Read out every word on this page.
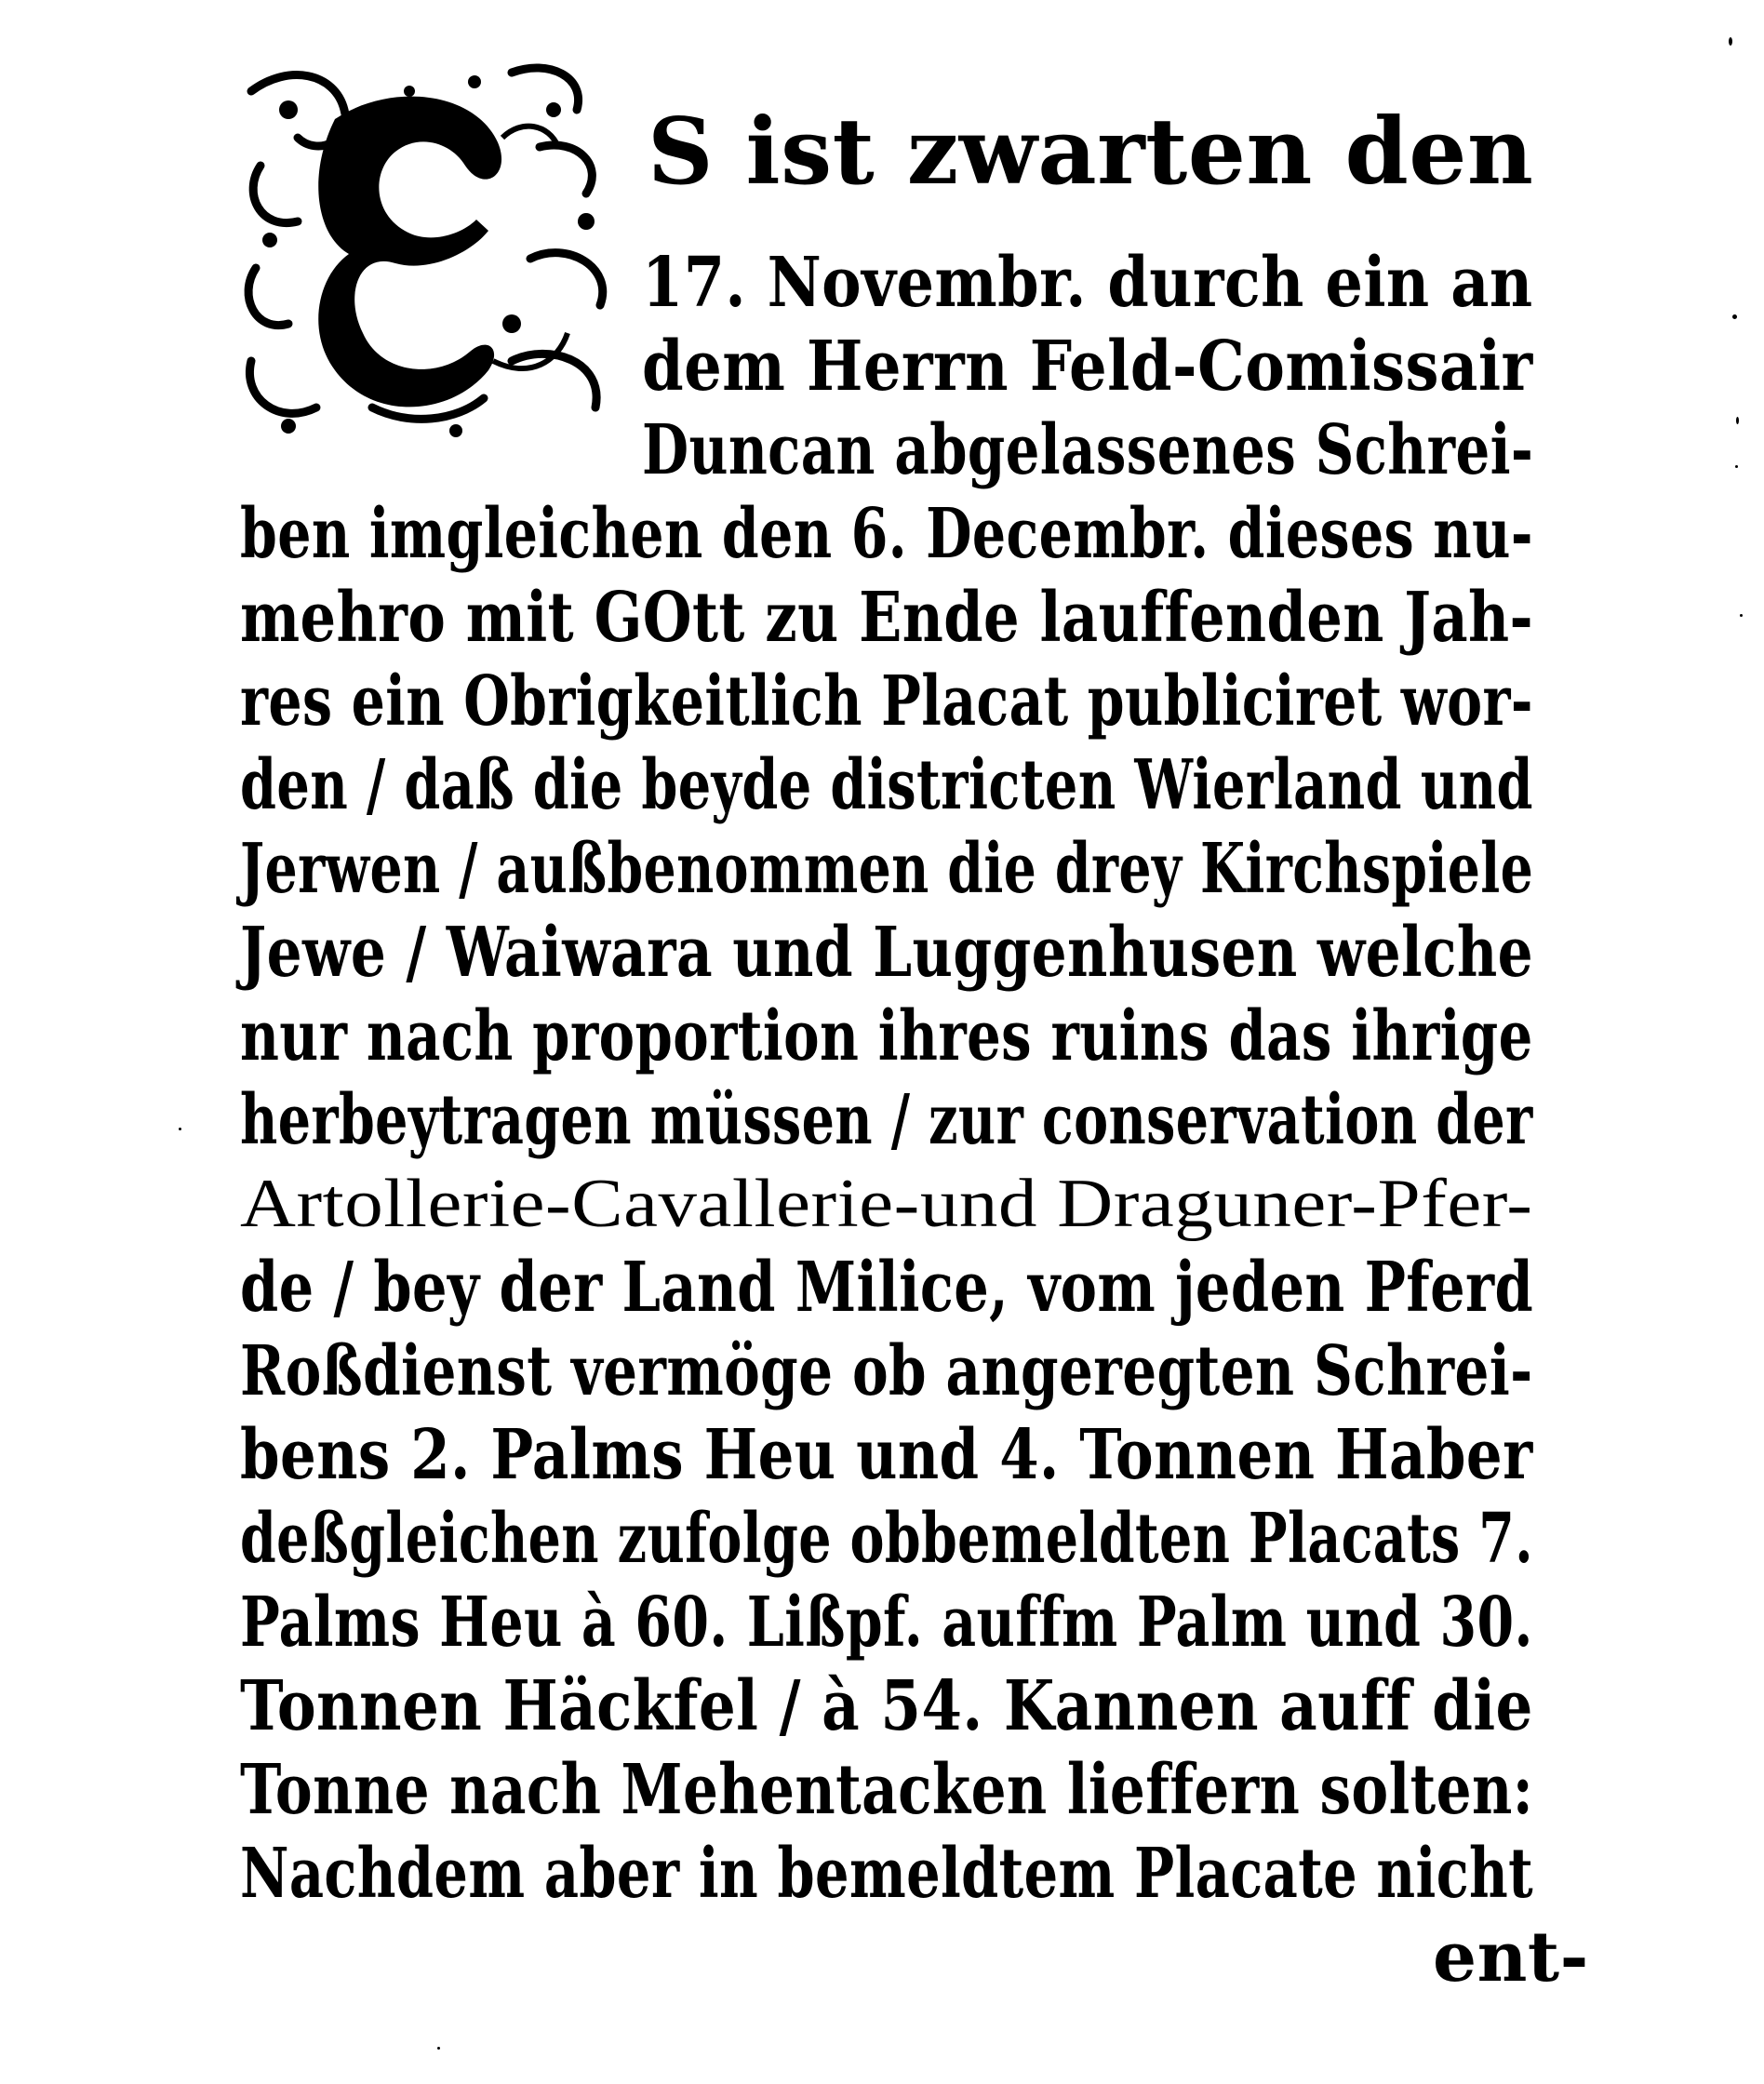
S ist zwarten den
17. Novembr. durch ein an
dem Herrn Feld-Comissair
Duncan abgelassenes Schrei-
ben imgleichen den 6. Decembr. dieses nu-
mehro mit GOtt zu Ende lauffenden Jah-
res ein Obrigkeitlich Placat publiciret wor-
den / daß die beyde districten Wierland und
Jerwen / außbenommen die drey Kirchspiele
Jewe / Waiwara und Luggenhusen welche
nur nach proportion ihres ruins das ihrige
herbeytragen müssen / zur conservation der
Artollerie-Cavallerie-und Draguner-Pfer-
de / bey der Land Milice, vom jeden Pferd
Roßdienst vermöge ob angeregten Schrei-
bens 2. Palms Heu und 4. Tonnen Haber
deßgleichen zufolge obbemeldten Placats 7.
Palms Heu à 60. Lißpf. auffm Palm und 30.
Tonnen Häckfel / à 54. Kannen auff die
Tonne nach Mehentacken lieffern solten:
Nachdem aber in bemeldtem Placate nicht
ent-
